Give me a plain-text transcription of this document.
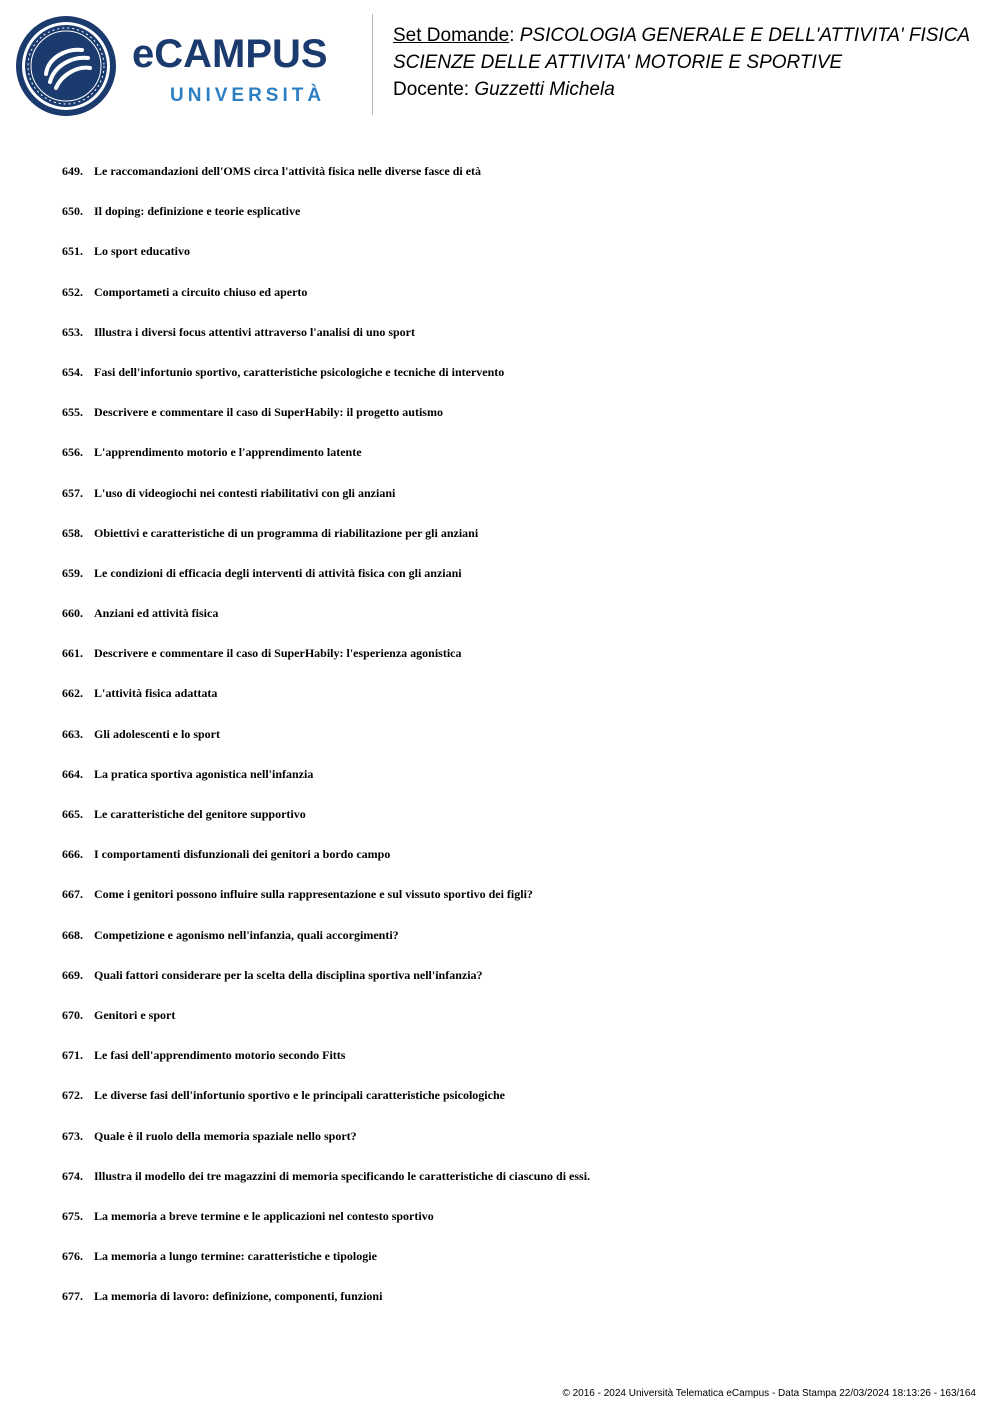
eCAMPUS
UNIVERSITÀ
Set Domande: PSICOLOGIA GENERALE E DELL'ATTIVITA' FISICA
SCIENZE DELLE ATTIVITA' MOTORIE E SPORTIVE
Docente: Guzzetti Michela
649. Le raccomandazioni dell'OMS circa l'attività fisica nelle diverse fasce di età
650. Il doping: definizione e teorie esplicative
651. Lo sport educativo
652. Comportameti a circuito chiuso ed aperto
653. Illustra i diversi focus attentivi attraverso l'analisi di uno sport
654. Fasi dell'infortunio sportivo, caratteristiche psicologiche e tecniche di intervento
655. Descrivere e commentare il caso di SuperHabily: il progetto autismo
656. L'apprendimento motorio e l'apprendimento latente
657. L'uso di videogiochi nei contesti riabilitativi con gli anziani
658. Obiettivi e caratteristiche di un programma di riabilitazione per gli anziani
659. Le condizioni di efficacia degli interventi di attività fisica con gli anziani
660. Anziani ed attività fisica
661. Descrivere e commentare il caso di SuperHabily: l'esperienza agonistica
662. L'attività fisica adattata
663. Gli adolescenti e lo sport
664. La pratica sportiva agonistica nell'infanzia
665. Le caratteristiche del genitore supportivo
666. I comportamenti disfunzionali dei genitori a bordo campo
667. Come i genitori possono influire sulla rappresentazione e sul vissuto sportivo dei figli?
668. Competizione e agonismo nell'infanzia, quali accorgimenti?
669. Quali fattori considerare per la scelta della disciplina sportiva nell'infanzia?
670. Genitori e sport
671. Le fasi dell'apprendimento motorio secondo Fitts
672. Le diverse fasi dell'infortunio sportivo e le principali caratteristiche psicologiche
673. Quale è il ruolo della memoria spaziale nello sport?
674. Illustra il modello dei tre magazzini di memoria specificando le caratteristiche di ciascuno di essi.
675. La memoria a breve termine e le applicazioni nel contesto sportivo
676. La memoria a lungo termine: caratteristiche e tipologie
677. La memoria di lavoro: definizione, componenti, funzioni
© 2016 - 2024 Università Telematica eCampus - Data Stampa 22/03/2024 18:13:26 - 163/164
